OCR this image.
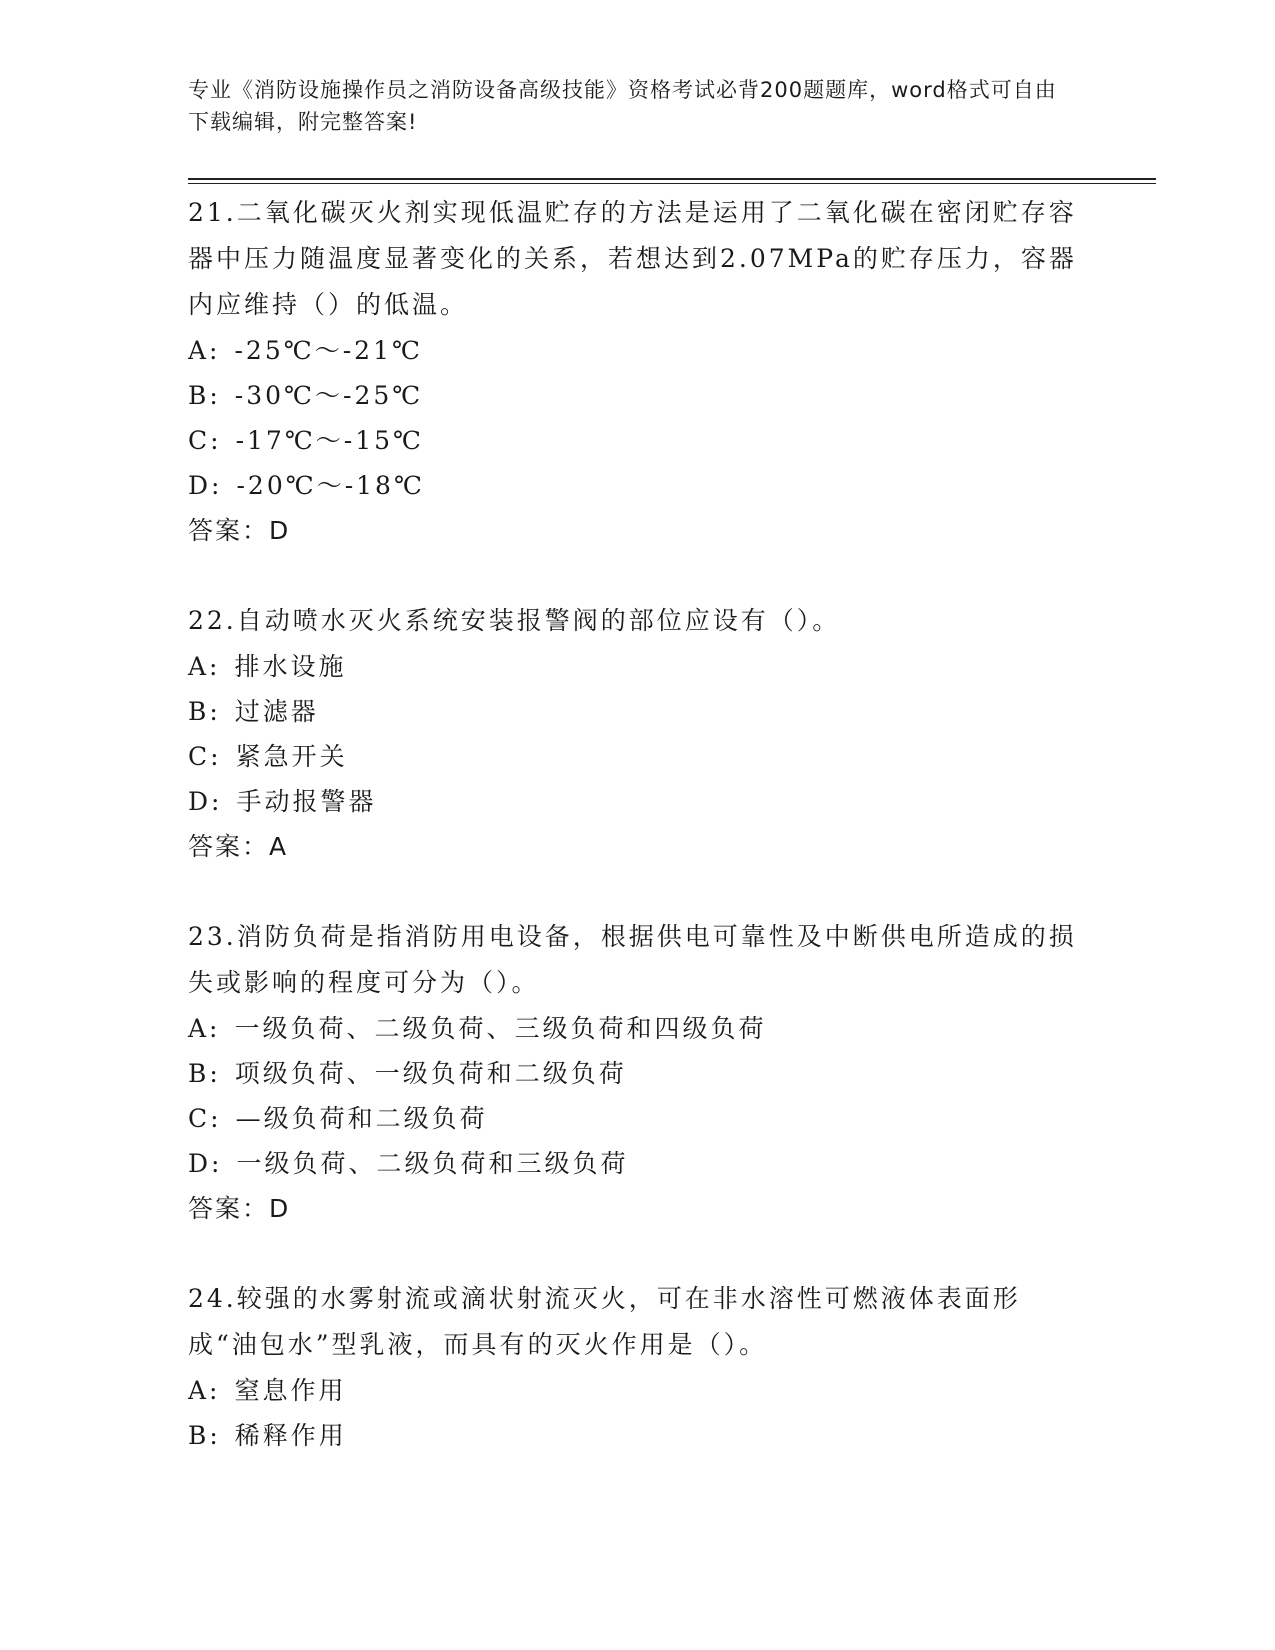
专业《消防设施操作员之消防设备高级技能》资格考试必背200题题库，word格式可自由下载编辑，附完整答案!

21.二氧化碳灭火剂实现低温贮存的方法是运用了二氧化碳在密闭贮存容器中压力随温度显著变化的关系，若想达到2.07MPa的贮存压力，容器内应维持（）的低温。

A: -25℃～-21℃

B: -30℃～-25℃

C: -17℃～-15℃

D: -20℃～-18℃

答案：D

22.自动喷水灭火系统安装报警阀的部位应设有（）。

A: 排水设施

B: 过滤器

C: 紧急开关

D: 手动报警器

答案：A

23.消防负荷是指消防用电设备，根据供电可靠性及中断供电所造成的损失或影响的程度可分为（）。

A: 一级负荷、二级负荷、三级负荷和四级负荷

B: 项级负荷、一级负荷和二级负荷

C: —级负荷和二级负荷

D: 一级负荷、二级负荷和三级负荷

答案：D

24.较强的水雾射流或滴状射流灭火，可在非水溶性可燃液体表面形成“油包水”型乳液，而具有的灭火作用是（）。

A: 窒息作用

B: 稀释作用
